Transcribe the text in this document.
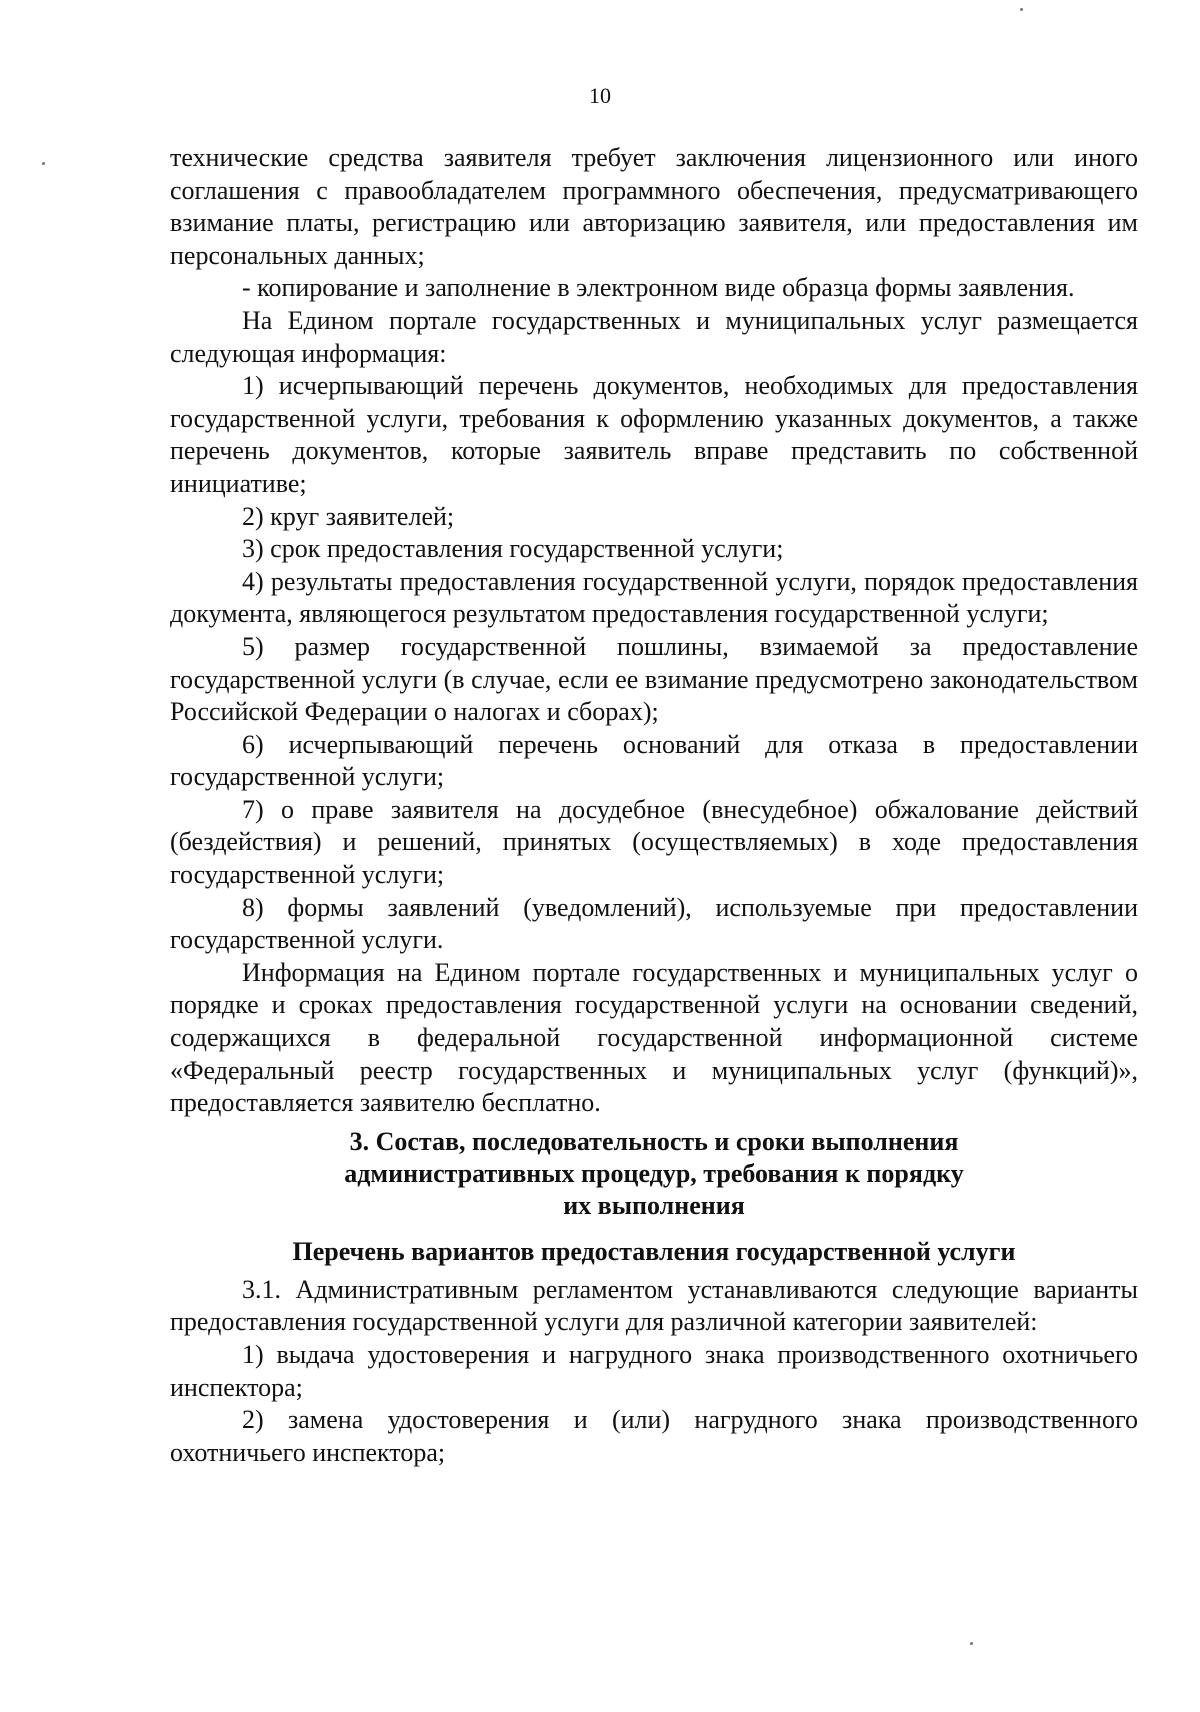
10

технические средства заявителя требует заключения лицензионного или иного соглашения с правообладателем программного обеспечения, предусматривающего взимание платы, регистрацию или авторизацию заявителя, или предоставления им персональных данных;

- копирование и заполнение в электронном виде образца формы заявления.

На Едином портале государственных и муниципальных услуг размещается следующая информация:

1) исчерпывающий перечень документов, необходимых для предоставления государственной услуги, требования к оформлению указанных документов, а также перечень документов, которые заявитель вправе представить по собственной инициативе;

2) круг заявителей;

3) срок предоставления государственной услуги;

4) результаты предоставления государственной услуги, порядок предоставления документа, являющегося результатом предоставления государственной услуги;

5) размер государственной пошлины, взимаемой за предоставление государственной услуги (в случае, если ее взимание предусмотрено законодательством Российской Федерации о налогах и сборах);

6) исчерпывающий перечень оснований для отказа в предоставлении государственной услуги;

7) о праве заявителя на досудебное (внесудебное) обжалование действий (бездействия) и решений, принятых (осуществляемых) в ходе предоставления государственной услуги;

8) формы заявлений (уведомлений), используемые при предоставлении государственной услуги.

Информация на Едином портале государственных и муниципальных услуг о порядке и сроках предоставления государственной услуги на основании сведений, содержащихся в федеральной государственной информационной системе «Федеральный реестр государственных и муниципальных услуг (функций)», предоставляется заявителю бесплатно.

3. Состав, последовательность и сроки выполнения
административных процедур, требования к порядку
их выполнения
Перечень вариантов предоставления государственной услуги

3.1. Административным регламентом устанавливаются следующие варианты предоставления государственной услуги для различной категории заявителей:

1) выдача удостоверения и нагрудного знака производственного охотничьего инспектора;

2) замена удостоверения и (или) нагрудного знака производственного охотничьего инспектора;
